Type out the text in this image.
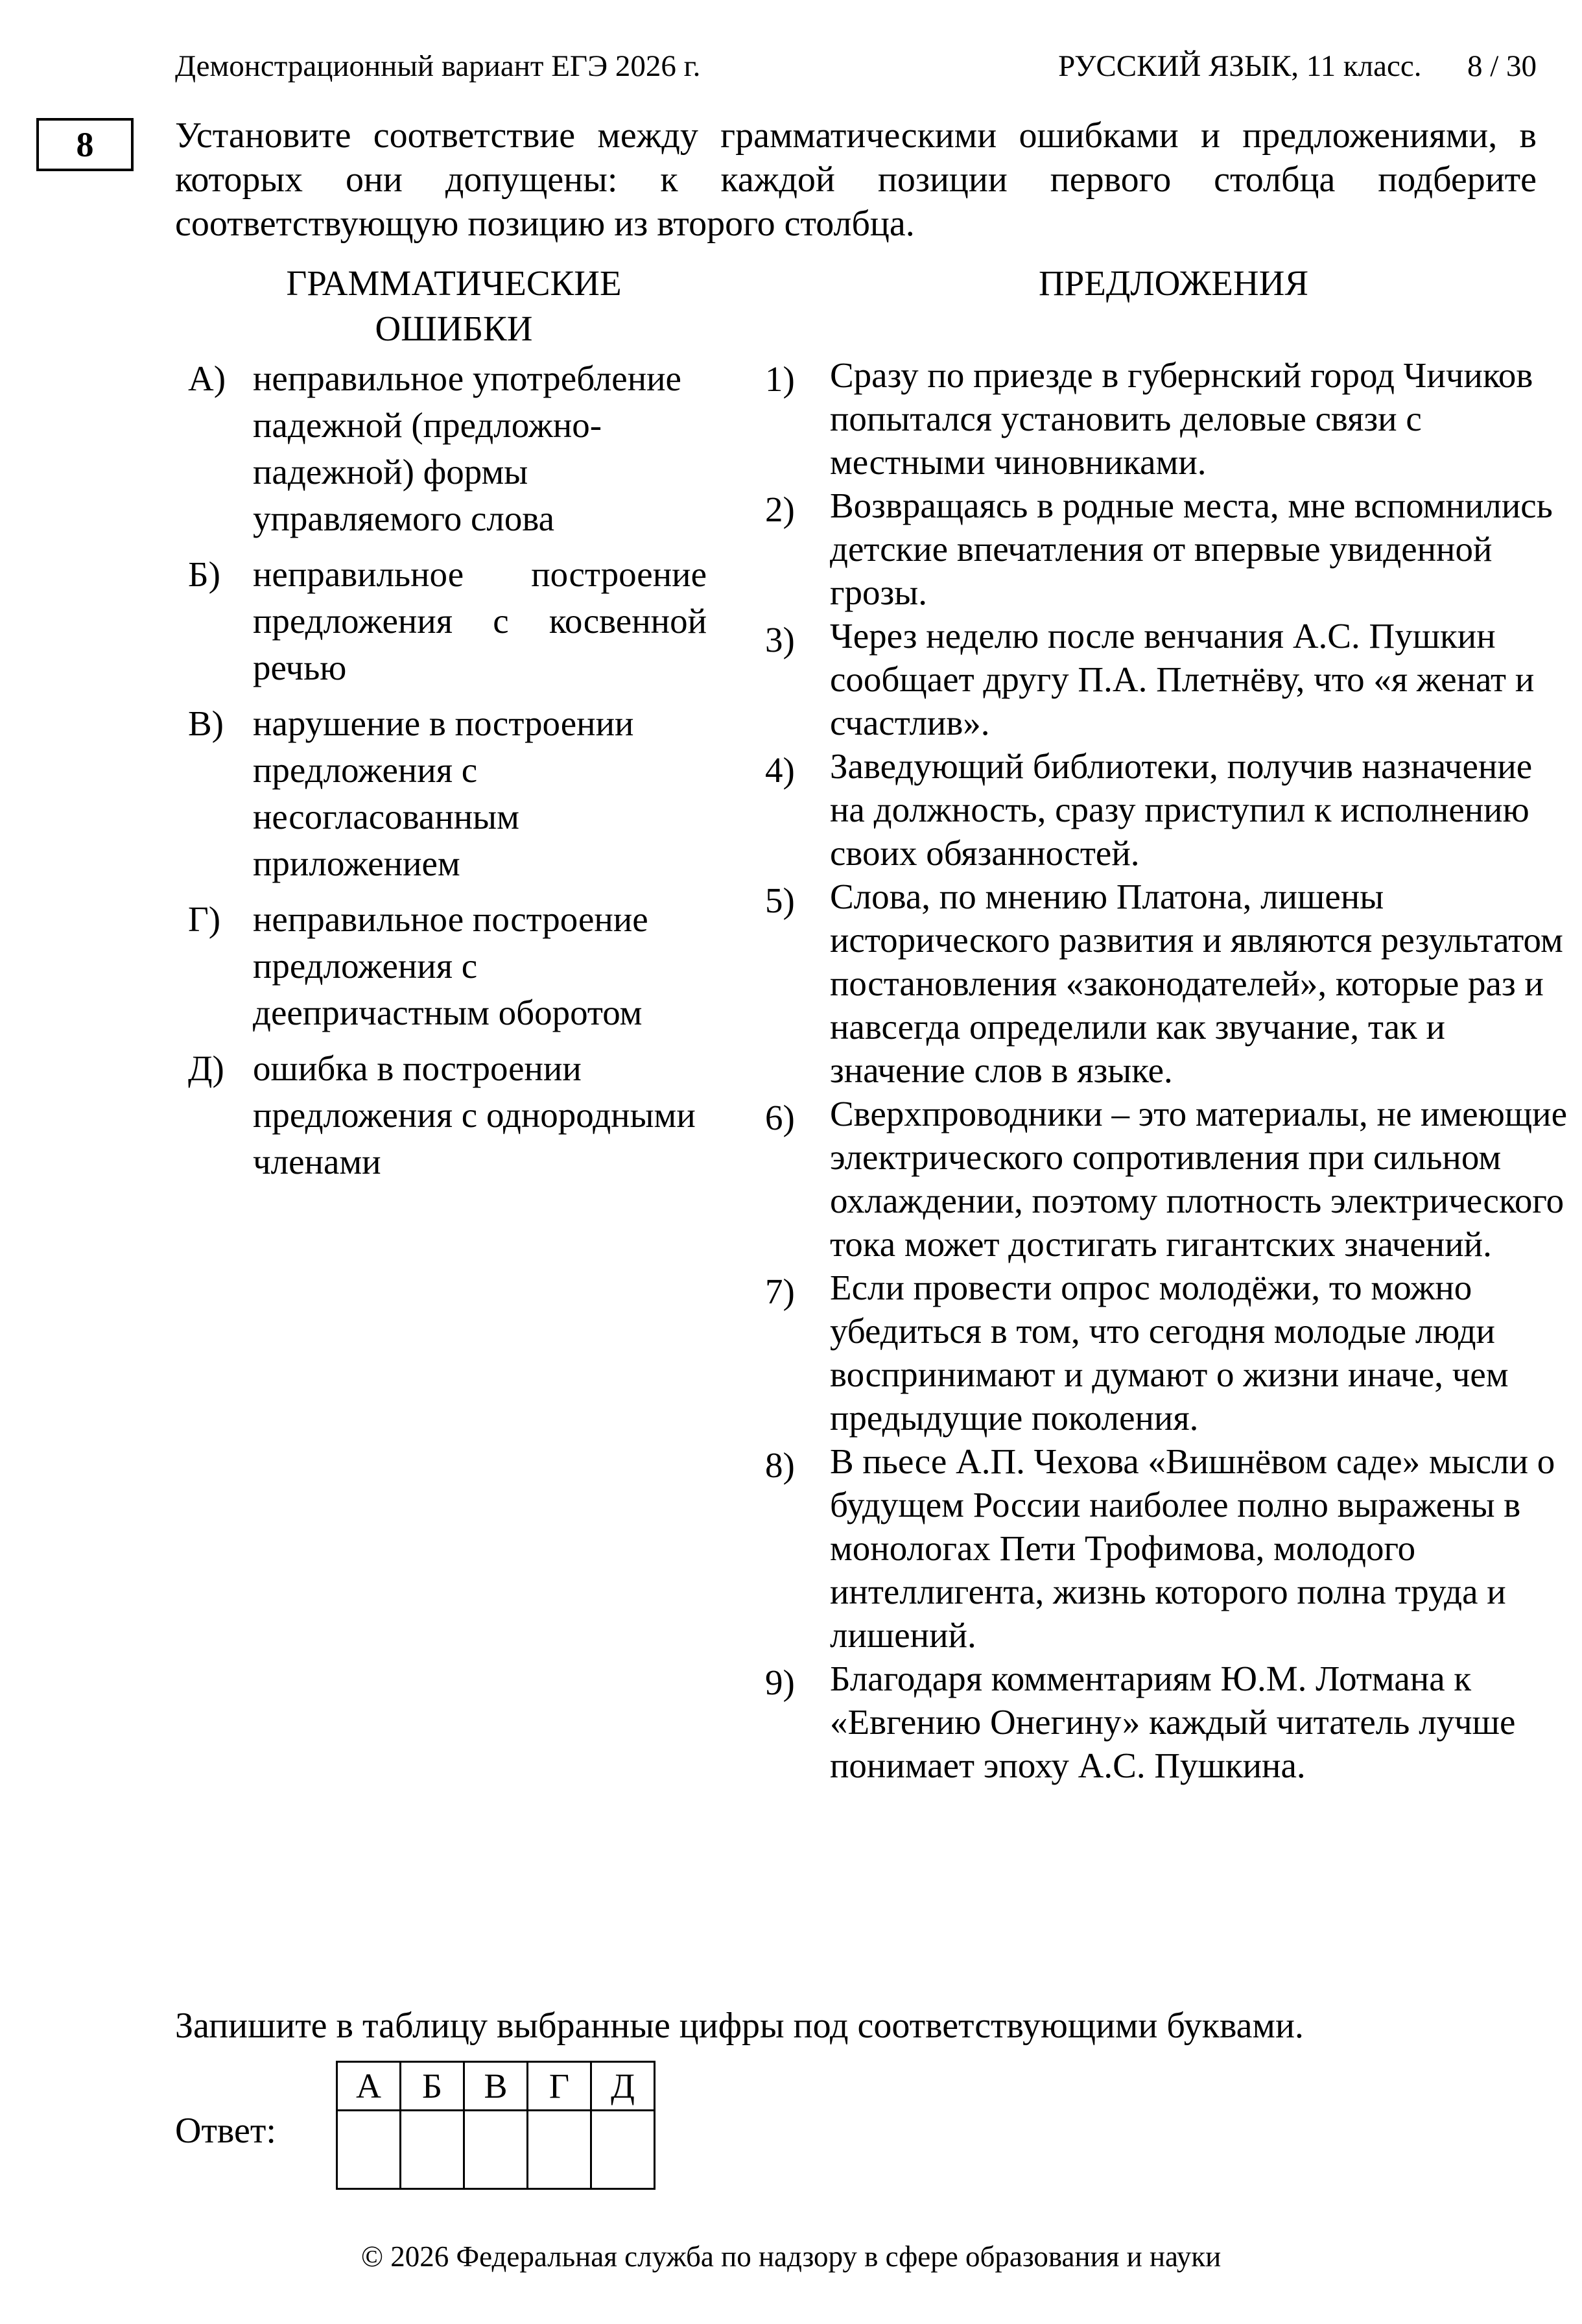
Демонстрационный вариант ЕГЭ 2026 г.	РУССКИЙ ЯЗЫК, 11 класс.      8 / 30
8	Установите соответствие между грамматическими ошибками и предложениями, в которых они допущены: к каждой позиции первого столбца подберите соответствующую позицию из второго столбца.
ГРАММАТИЧЕСКИЕ
ОШИБКИ
ПРЕДЛОЖЕНИЯ
А) неправильное употребление падежной (предложно-падежной) формы управляемого слова
Б) неправильное построение предложения с косвенной речью
В) нарушение в построении предложения с несогласованным приложением
Г) неправильное построение предложения с деепричастным оборотом
Д) ошибка в построении предложения с однородными членами
1) Сразу по приезде в губернский город Чичиков попытался установить деловые связи с местными чиновниками.
2) Возвращаясь в родные места, мне вспомнились детские впечатления от впервые увиденной грозы.
3) Через неделю после венчания А.С. Пушкин сообщает другу П.А. Плетнёву, что «я женат и счастлив».
4) Заведующий библиотеки, получив назначение на должность, сразу приступил к исполнению своих обязанностей.
5) Слова, по мнению Платона, лишены исторического развития и являются результатом постановления «законодателей», которые раз и навсегда определили как звучание, так и значение слов в языке.
6) Сверхпроводники – это материалы, не имеющие электрического сопротивления при сильном охлаждении, поэтому плотность электрического тока может достигать гигантских значений.
7) Если провести опрос молодёжи, то можно убедиться в том, что сегодня молодые люди воспринимают и думают о жизни иначе, чем предыдущие поколения.
8) В пьесе А.П. Чехова «Вишнёвом саде» мысли о будущем России наиболее полно выражены в монологах Пети Трофимова, молодого интеллигента, жизнь которого полна труда и лишений.
9) Благодаря комментариям Ю.М. Лотмана к «Евгению Онегину» каждый читатель лучше понимает эпоху А.С. Пушкина.
Запишите в таблицу выбранные цифры под соответствующими буквами.
Ответ:
А	Б	В	Г	Д

© 2026 Федеральная служба по надзору в сфере образования и науки
